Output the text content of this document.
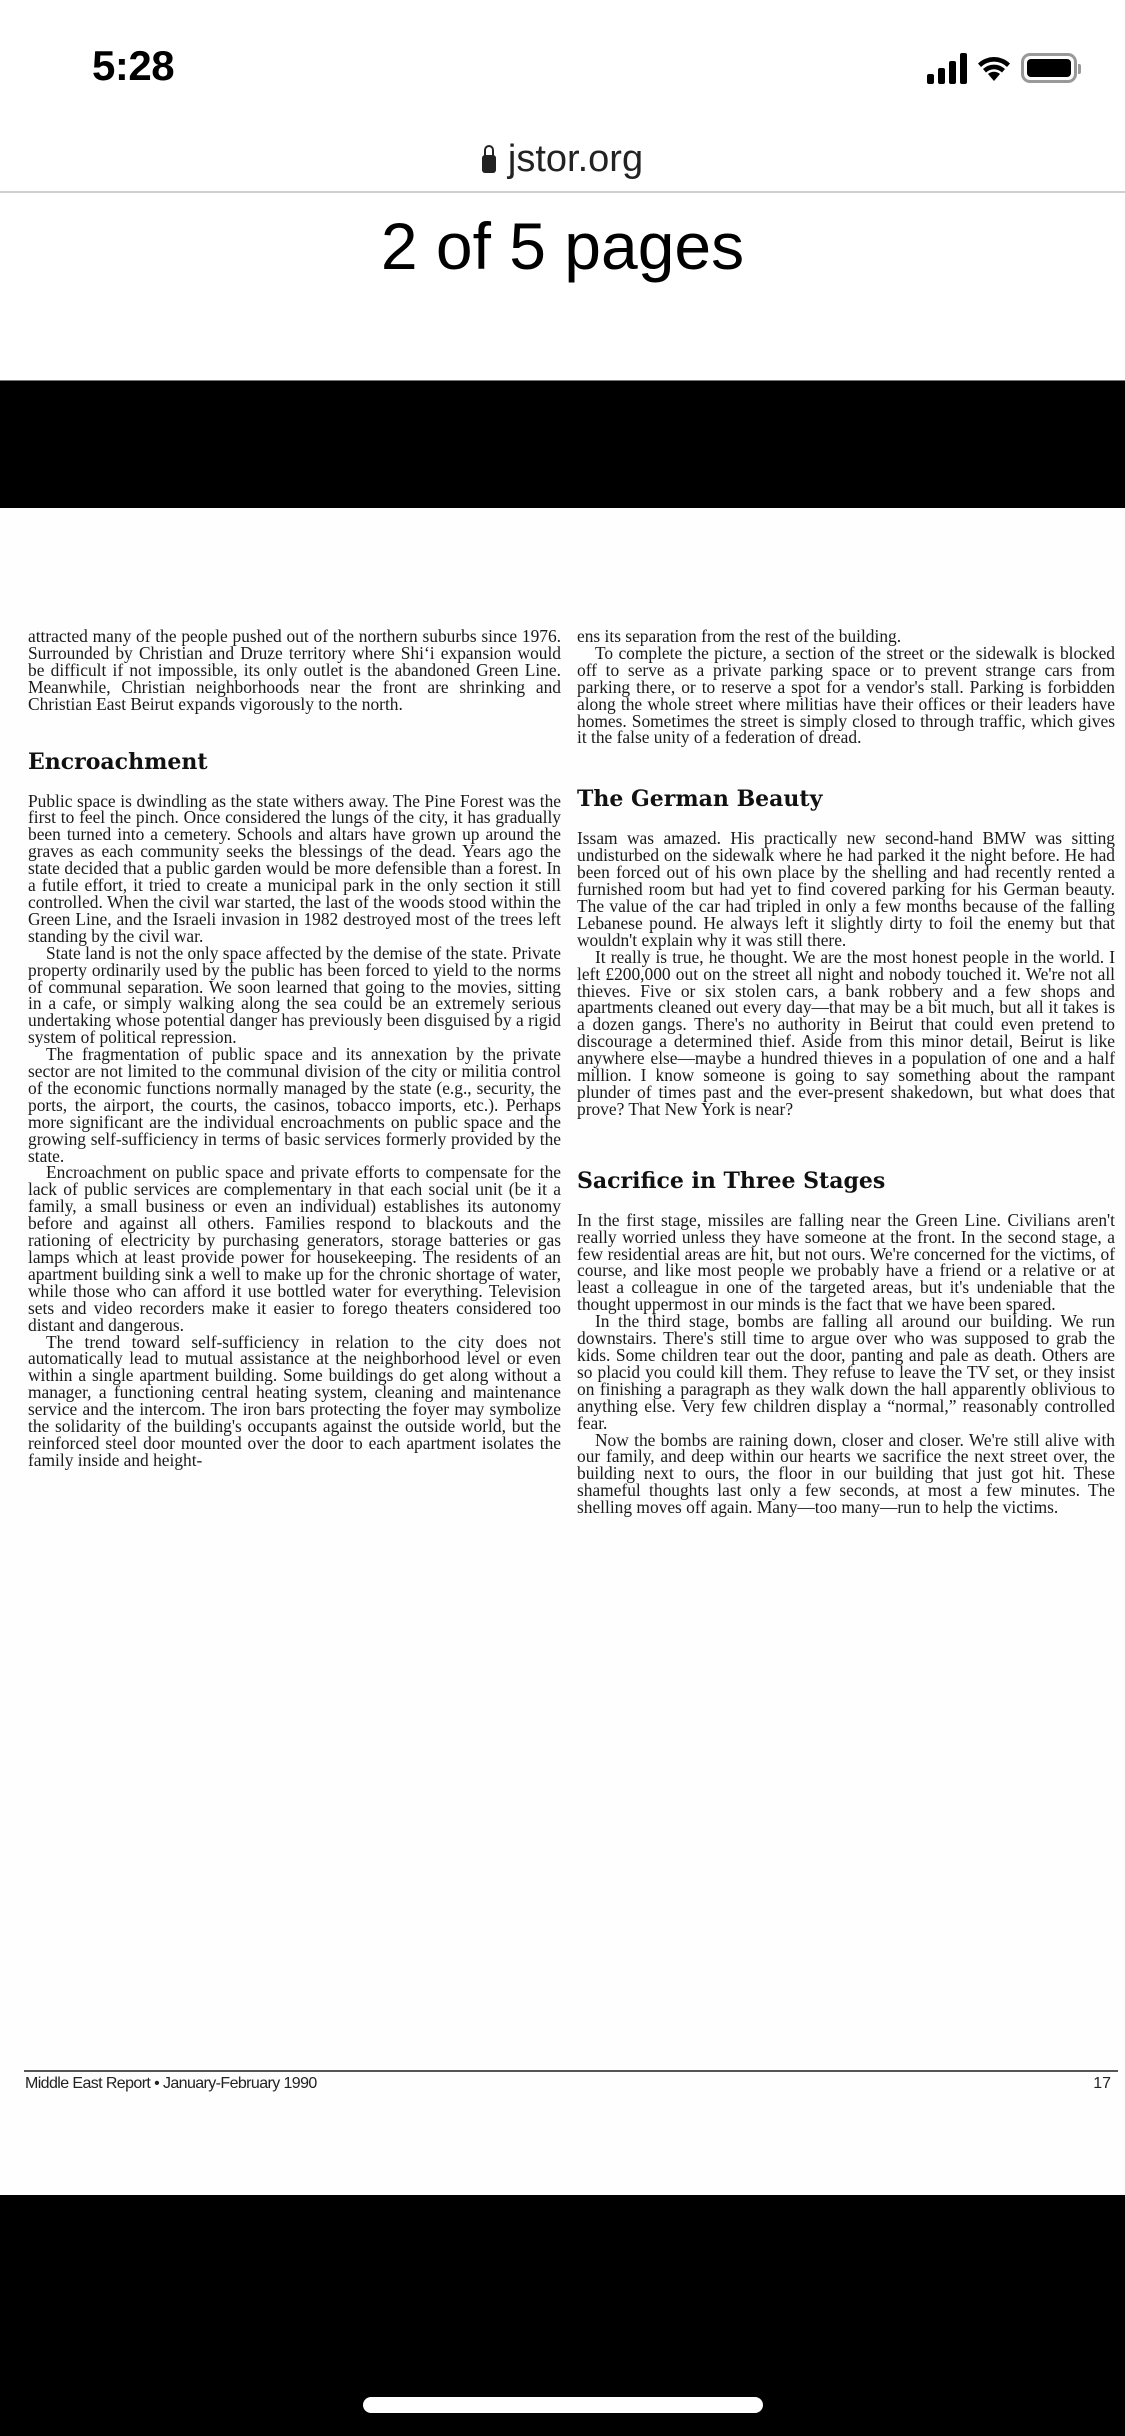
5:28
jstor.org
2 of 5 pages

attracted many of the people pushed out of the northern suburbs since 1976. Surrounded by Christian and Druze territory where Shi‘i expansion would be difficult if not impossible, its only outlet is the abandoned Green Line. Meanwhile, Christian neighborhoods near the front are shrinking and Christian East Beirut expands vigorously to the north.

Encroachment

Public space is dwindling as the state withers away. The Pine Forest was the first to feel the pinch. Once considered the lungs of the city, it has gradually been turned into a cemetery. Schools and altars have grown up around the graves as each community seeks the blessings of the dead. Years ago the state decided that a public garden would be more defensible than a forest. In a futile effort, it tried to create a municipal park in the only section it still controlled. When the civil war started, the last of the woods stood within the Green Line, and the Israeli invasion in 1982 destroyed most of the trees left standing by the civil war.

State land is not the only space affected by the demise of the state. Private property ordinarily used by the public has been forced to yield to the norms of communal separation. We soon learned that going to the movies, sitting in a cafe, or simply walking along the sea could be an extremely serious undertaking whose potential danger has previously been disguised by a rigid system of political repression.

The fragmentation of public space and its annexation by the private sector are not limited to the communal division of the city or militia control of the economic functions normally managed by the state (e.g., security, the ports, the airport, the courts, the casinos, tobacco imports, etc.). Perhaps more significant are the individual encroachments on public space and the growing self-sufficiency in terms of basic services formerly provided by the state.

Encroachment on public space and private efforts to compensate for the lack of public services are complementary in that each social unit (be it a family, a small business or even an individual) establishes its autonomy before and against all others. Families respond to blackouts and the rationing of electricity by purchasing generators, storage batteries or gas lamps which at least provide power for housekeeping. The residents of an apartment building sink a well to make up for the chronic shortage of water, while those who can afford it use bottled water for everything. Television sets and video recorders make it easier to forego theaters considered too distant and dangerous.

The trend toward self-sufficiency in relation to the city does not automatically lead to mutual assistance at the neighborhood level or even within a single apartment building. Some buildings do get along without a manager, a functioning central heating system, cleaning and maintenance service and the intercom. The iron bars protecting the foyer may symbolize the solidarity of the building's occupants against the outside world, but the reinforced steel door mounted over the door to each apartment isolates the family inside and height-

ens its separation from the rest of the building.

To complete the picture, a section of the street or the sidewalk is blocked off to serve as a private parking space or to prevent strange cars from parking there, or to reserve a spot for a vendor's stall. Parking is forbidden along the whole street where militias have their offices or their leaders have homes. Sometimes the street is simply closed to through traffic, which gives it the false unity of a federation of dread.

The German Beauty

Issam was amazed. His practically new second-hand BMW was sitting undisturbed on the sidewalk where he had parked it the night before. He had been forced out of his own place by the shelling and had recently rented a furnished room but had yet to find covered parking for his German beauty. The value of the car had tripled in only a few months because of the falling Lebanese pound. He always left it slightly dirty to foil the enemy but that wouldn't explain why it was still there.

It really is true, he thought. We are the most honest people in the world. I left £200,000 out on the street all night and nobody touched it. We're not all thieves. Five or six stolen cars, a bank robbery and a few shops and apartments cleaned out every day—that may be a bit much, but all it takes is a dozen gangs. There's no authority in Beirut that could even pretend to discourage a determined thief. Aside from this minor detail, Beirut is like anywhere else—maybe a hundred thieves in a population of one and a half million. I know someone is going to say something about the rampant plunder of times past and the ever-present shakedown, but what does that prove? That New York is near?

Sacrifice in Three Stages

In the first stage, missiles are falling near the Green Line. Civilians aren't really worried unless they have someone at the front. In the second stage, a few residential areas are hit, but not ours. We're concerned for the victims, of course, and like most people we probably have a friend or a relative or at least a colleague in one of the targeted areas, but it's undeniable that the thought uppermost in our minds is the fact that we have been spared.

In the third stage, bombs are falling all around our building. We run downstairs. There's still time to argue over who was supposed to grab the kids. Some children tear out the door, panting and pale as death. Others are so placid you could kill them. They refuse to leave the TV set, or they insist on finishing a paragraph as they walk down the hall apparently oblivious to anything else. Very few children display a “normal,” reasonably controlled fear.

Now the bombs are raining down, closer and closer. We're still alive with our family, and deep within our hearts we sacrifice the next street over, the building next to ours, the floor in our building that just got hit. These shameful thoughts last only a few seconds, at most a few minutes. The shelling moves off again. Many—too many—run to help the victims.

Middle East Report • January-February 1990	17
